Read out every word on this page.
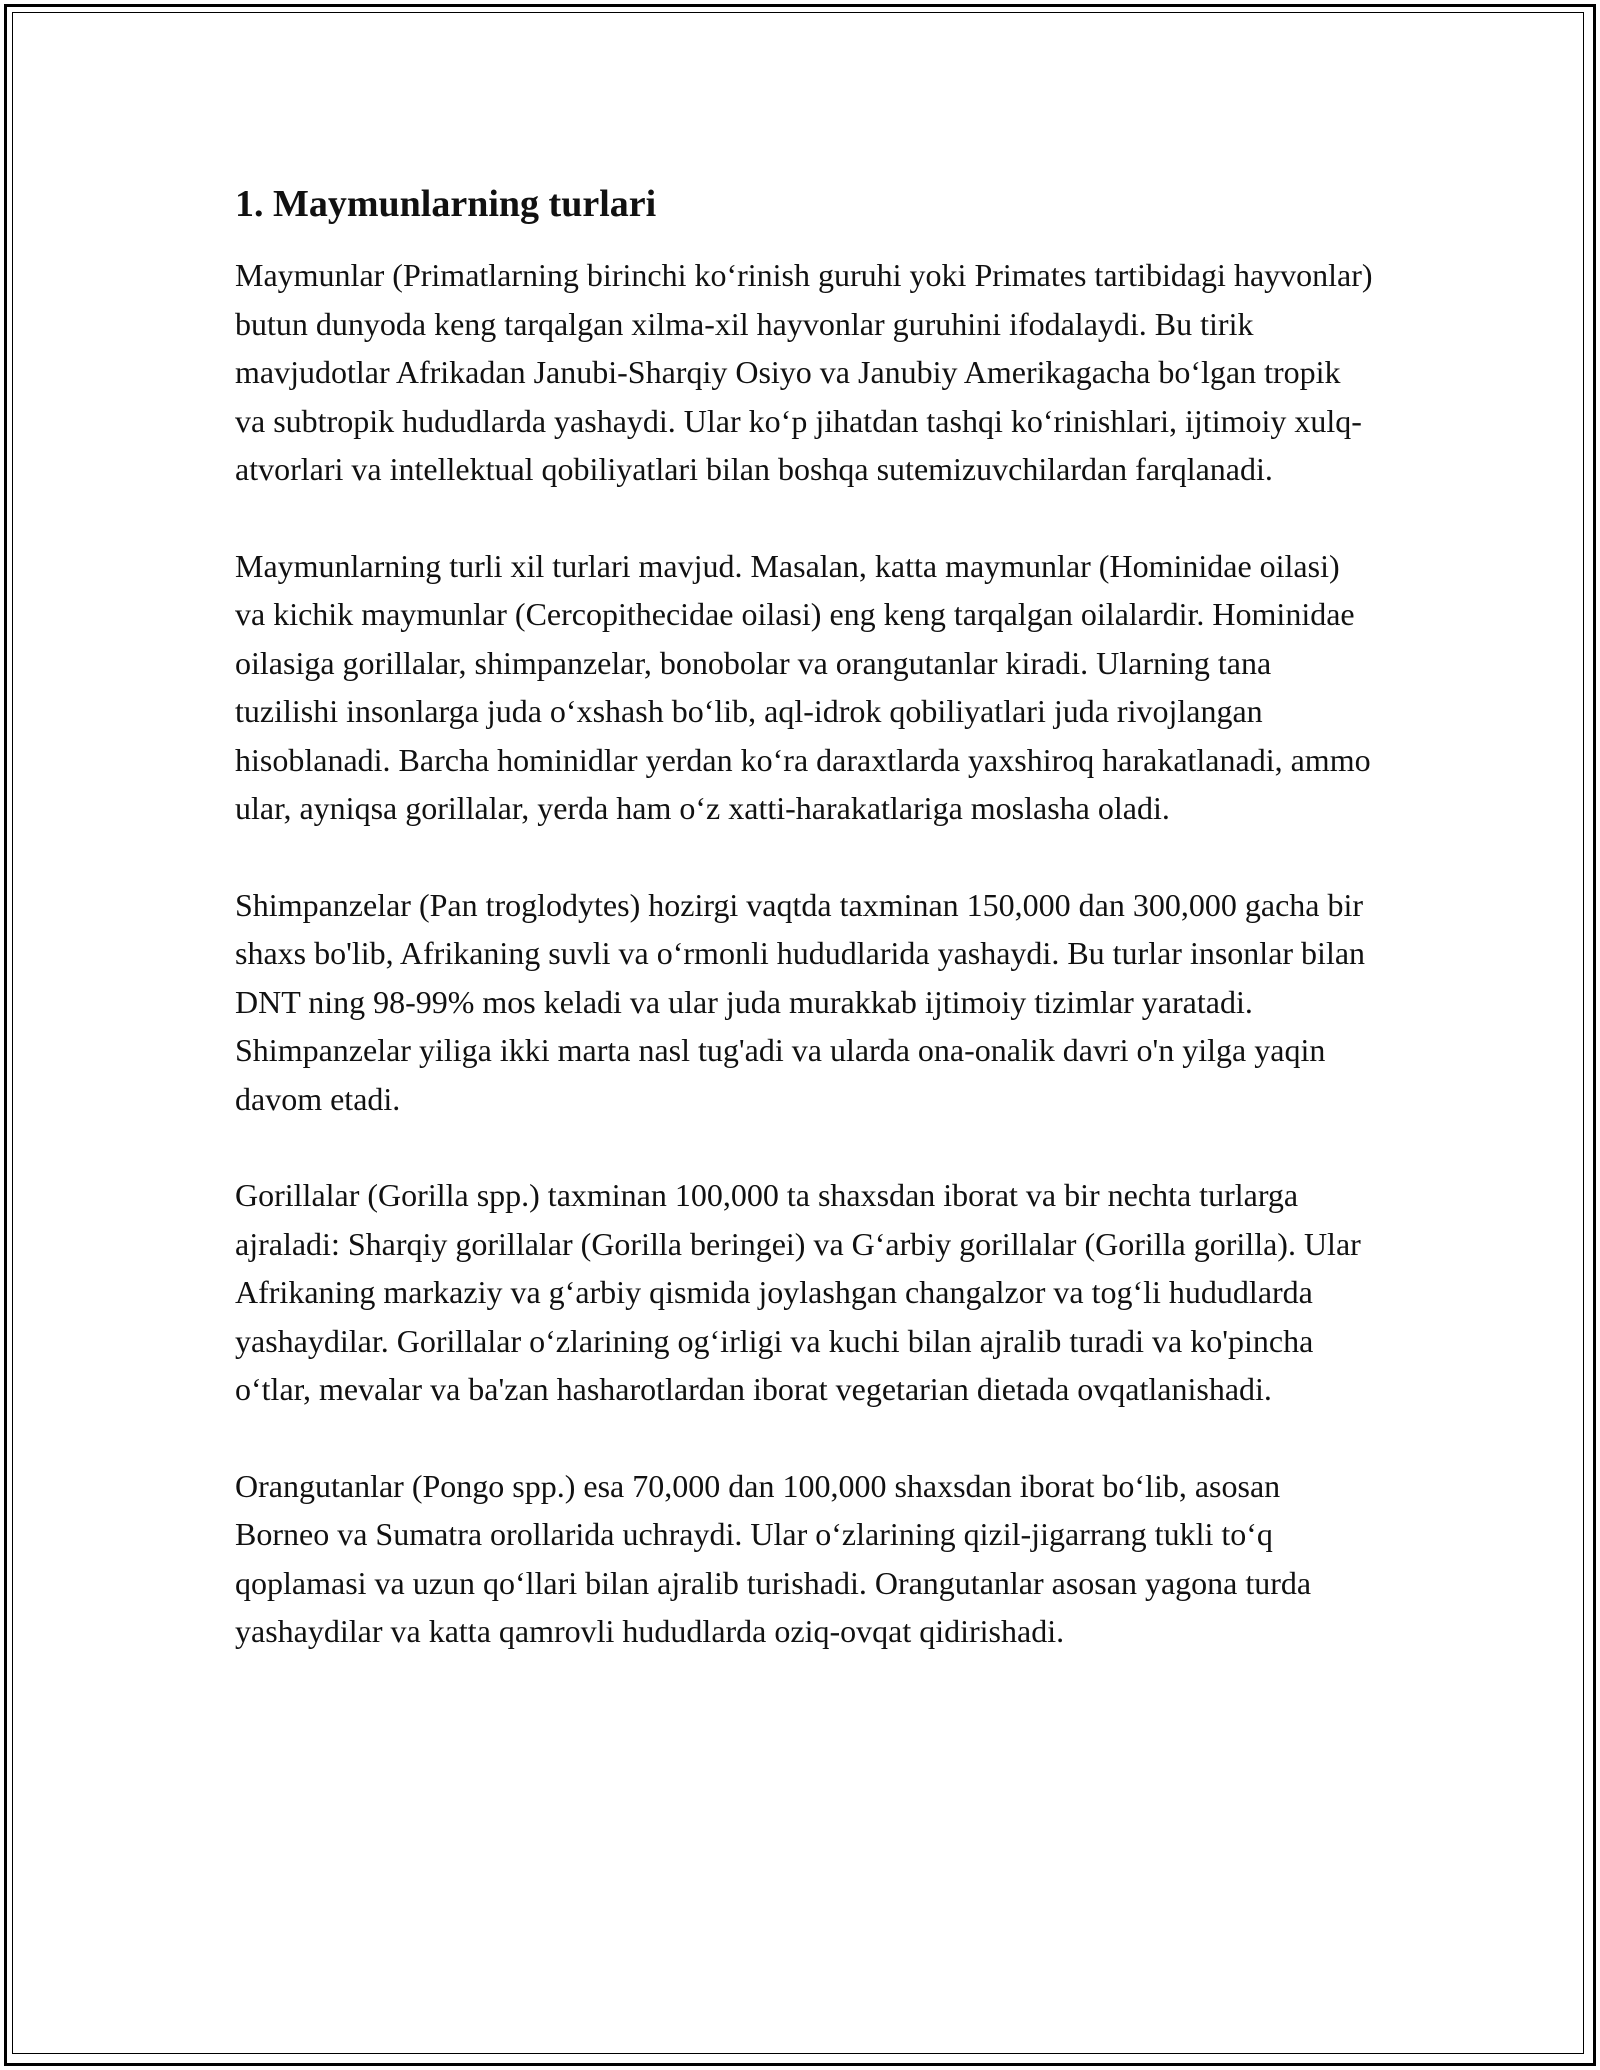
1. Maymunlarning turlari

Maymunlar (Primatlarning birinchi ko‘rinish guruhi yoki Primates tartibidagi hayvonlar) butun dunyoda keng tarqalgan xilma-xil hayvonlar guruhini ifodalaydi. Bu tirik mavjudotlar Afrikadan Janubi-Sharqiy Osiyo va Janubiy Amerikagacha bo‘lgan tropik va subtropik hududlarda yashaydi. Ular ko‘p jihatdan tashqi ko‘rinishlari, ijtimoiy xulq-atvorlari va intellektual qobiliyatlari bilan boshqa sutemizuvchilardan farqlanadi.

Maymunlarning turli xil turlari mavjud. Masalan, katta maymunlar (Hominidae oilasi) va kichik maymunlar (Cercopithecidae oilasi) eng keng tarqalgan oilalardir. Hominidae oilasiga gorillalar, shimpanzelar, bonobolar va orangutanlar kiradi. Ularning tana tuzilishi insonlarga juda o‘xshash bo‘lib, aql-idrok qobiliyatlari juda rivojlangan hisoblanadi. Barcha hominidlar yerdan ko‘ra daraxtlarda yaxshiroq harakatlanadi, ammo ular, ayniqsa gorillalar, yerda ham o‘z xatti-harakatlariga moslasha oladi.

Shimpanzelar (Pan troglodytes) hozirgi vaqtda taxminan 150,000 dan 300,000 gacha bir shaxs bo'lib, Afrikaning suvli va o‘rmonli hududlarida yashaydi. Bu turlar insonlar bilan DNT ning 98-99% mos keladi va ular juda murakkab ijtimoiy tizimlar yaratadi. Shimpanzelar yiliga ikki marta nasl tug'adi va ularda ona-onalik davri o'n yilga yaqin davom etadi.

Gorillalar (Gorilla spp.) taxminan 100,000 ta shaxsdan iborat va bir nechta turlarga ajraladi: Sharqiy gorillalar (Gorilla beringei) va G‘arbiy gorillalar (Gorilla gorilla). Ular Afrikaning markaziy va g‘arbiy qismida joylashgan changalzor va tog‘li hududlarda yashaydilar. Gorillalar o‘zlarining og‘irligi va kuchi bilan ajralib turadi va ko'pincha o‘tlar, mevalar va ba'zan hasharotlardan iborat vegetarian dietada ovqatlanishadi.

Orangutanlar (Pongo spp.) esa 70,000 dan 100,000 shaxsdan iborat bo‘lib, asosan Borneo va Sumatra orollarida uchraydi. Ular o‘zlarining qizil-jigarrang tukli to‘q qoplamasi va uzun qo‘llari bilan ajralib turishadi. Orangutanlar asosan yagona turda yashaydilar va katta qamrovli hududlarda oziq-ovqat qidirishadi.
